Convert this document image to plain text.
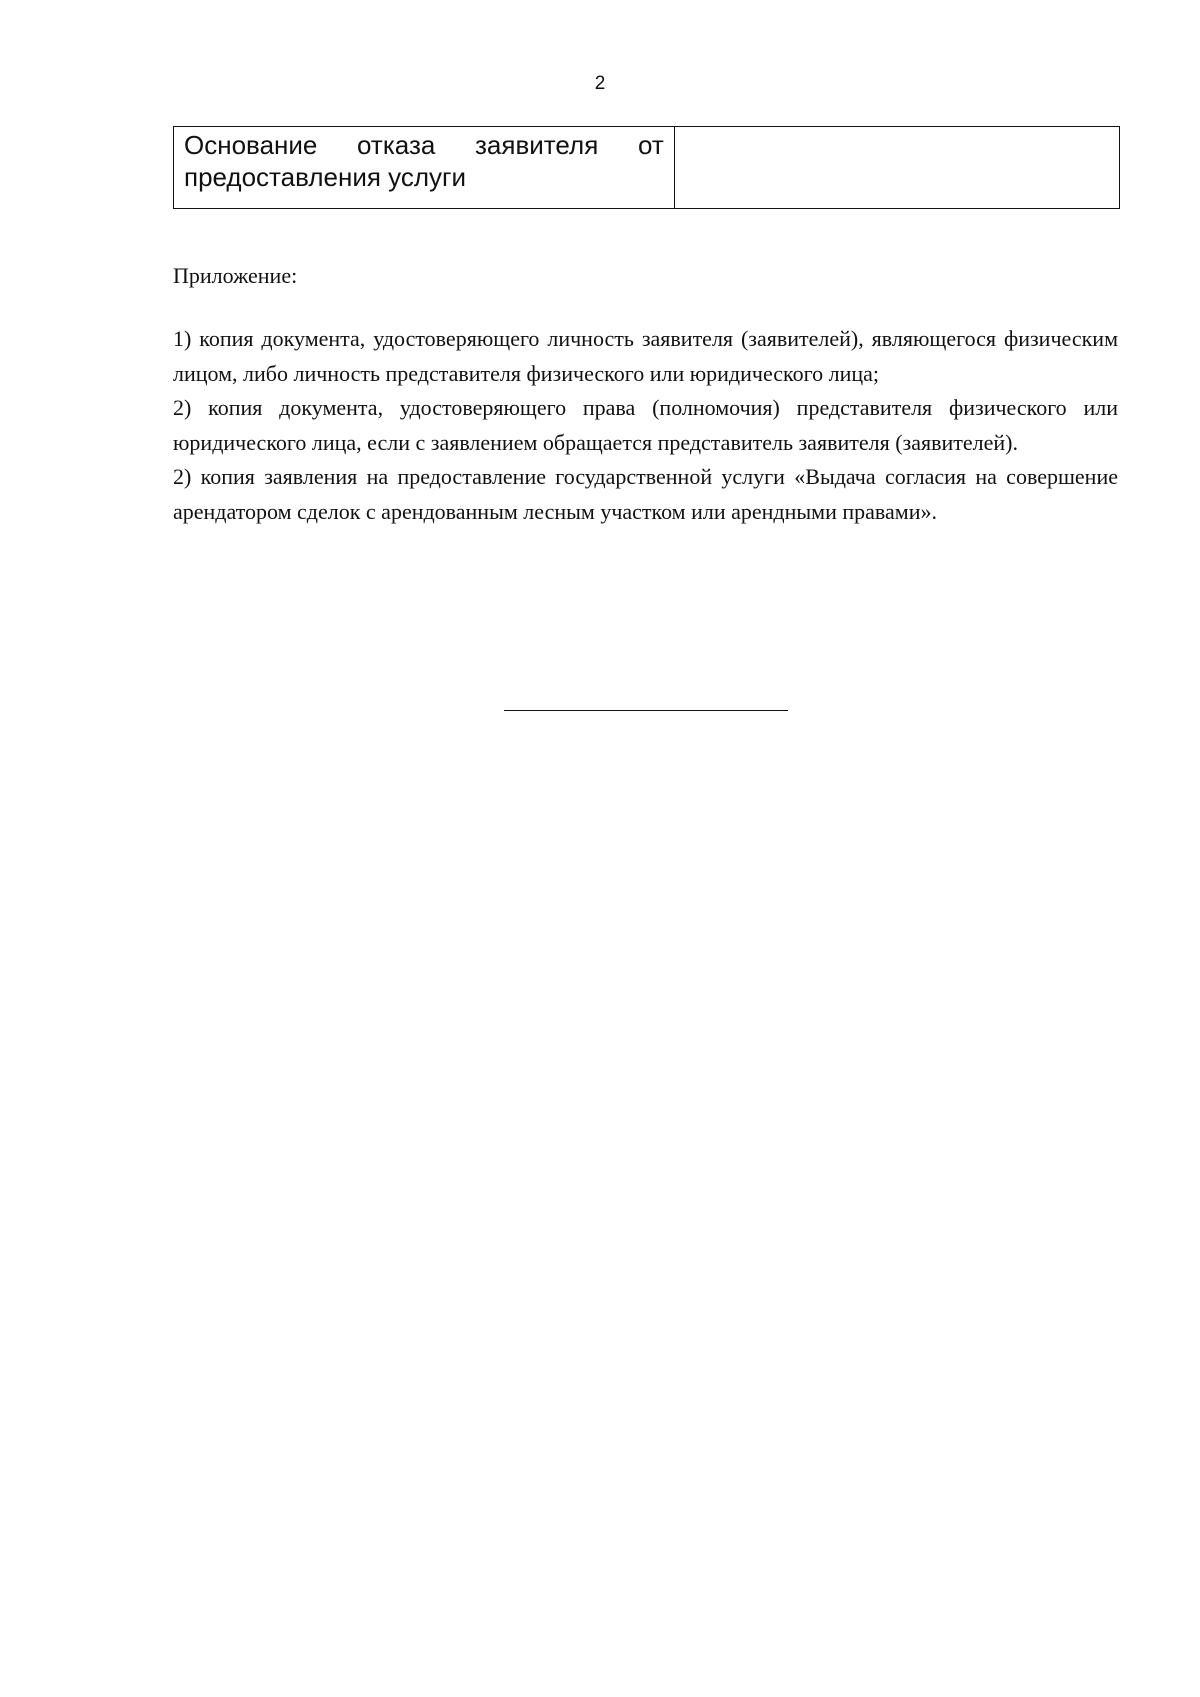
2
Основание отказа заявителя от
предоставления услуги

Приложение:

1) копия документа, удостоверяющего личность заявителя (заявителей), являющегося физическим лицом, либо личность представителя физического или юридического лица;

2) копия документа, удостоверяющего права (полномочия) представителя физического или юридического лица, если с заявлением обращается представитель заявителя (заявителей).

2) копия заявления на предоставление государственной услуги «Выдача согласия на совершение арендатором сделок с арендованным лесным участком или арендными правами».
